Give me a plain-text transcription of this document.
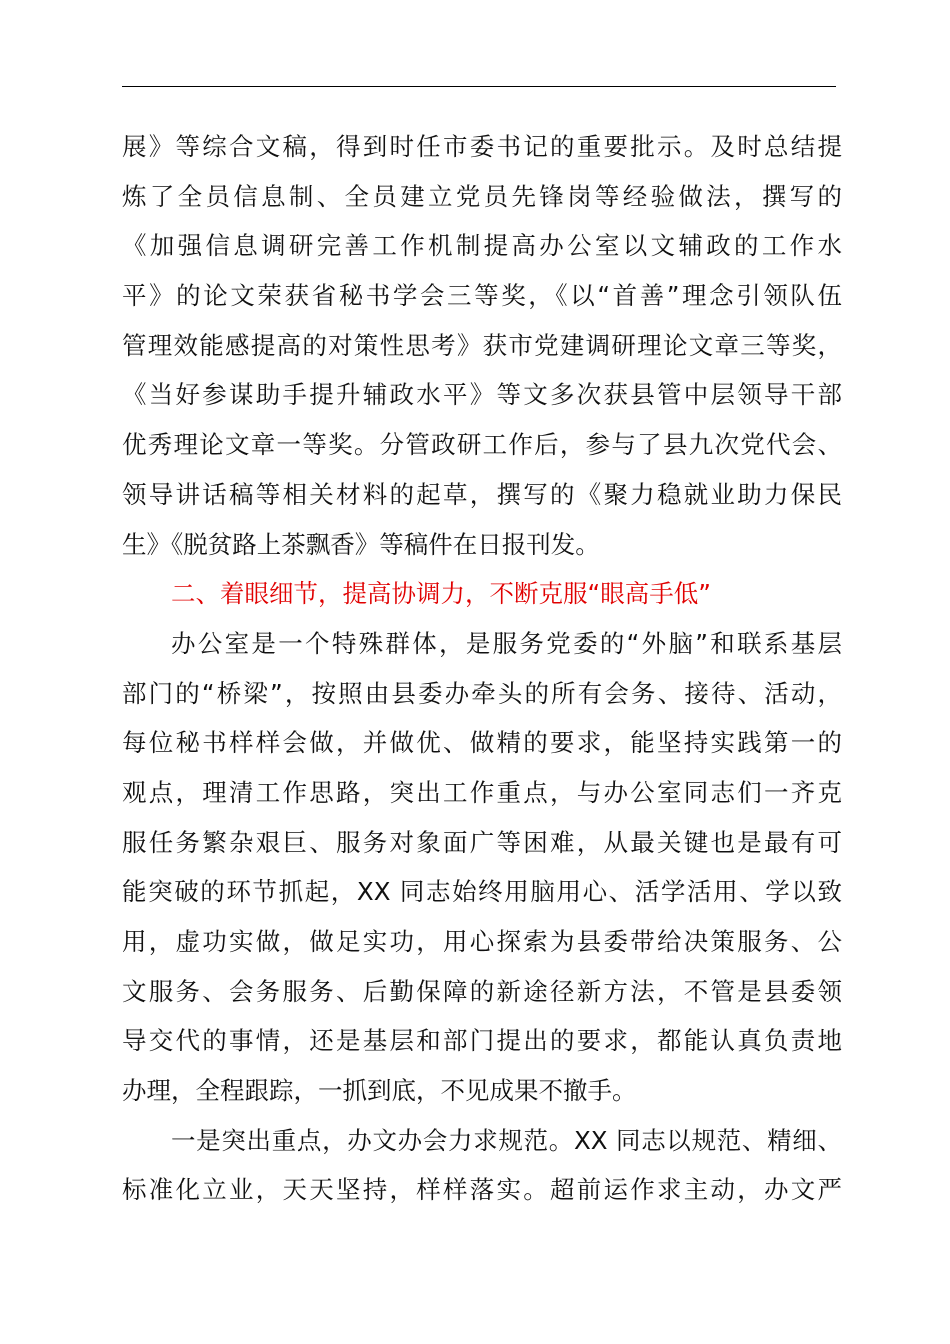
展》等综合文稿，得到时任市委书记的重要批示。及时总结提
炼了全员信息制、全员建立党员先锋岗等经验做法，撰写的
《加强信息调研完善工作机制提高办公室以文辅政的工作水
平》的论文荣获省秘书学会三等奖，《以“首善”理念引领队伍
管理效能感提高的对策性思考》获市党建调研理论文章三等奖，
《当好参谋助手提升辅政水平》等文多次获县管中层领导干部
优秀理论文章一等奖。分管政研工作后，参与了县九次党代会、
领导讲话稿等相关材料的起草，撰写的《聚力稳就业助力保民
生》《脱贫路上茶飘香》等稿件在日报刊发。
二、着眼细节，提高协调力，不断克服“眼高手低”
办公室是一个特殊群体，是服务党委的“外脑”和联系基层
部门的“桥梁”，按照由县委办牵头的所有会务、接待、活动，
每位秘书样样会做，并做优、做精的要求，能坚持实践第一的
观点，理清工作思路，突出工作重点，与办公室同志们一齐克
服任务繁杂艰巨、服务对象面广等困难，从最关键也是最有可
能突破的环节抓起，XX 同志始终用脑用心、活学活用、学以致
用，虚功实做，做足实功，用心探索为县委带给决策服务、公
文服务、会务服务、后勤保障的新途径新方法，不管是县委领
导交代的事情，还是基层和部门提出的要求，都能认真负责地
办理，全程跟踪，一抓到底，不见成果不撤手。
一是突出重点，办文办会力求规范。XX 同志以规范、精细、
标准化立业，天天坚持，样样落实。超前运作求主动，办文严
